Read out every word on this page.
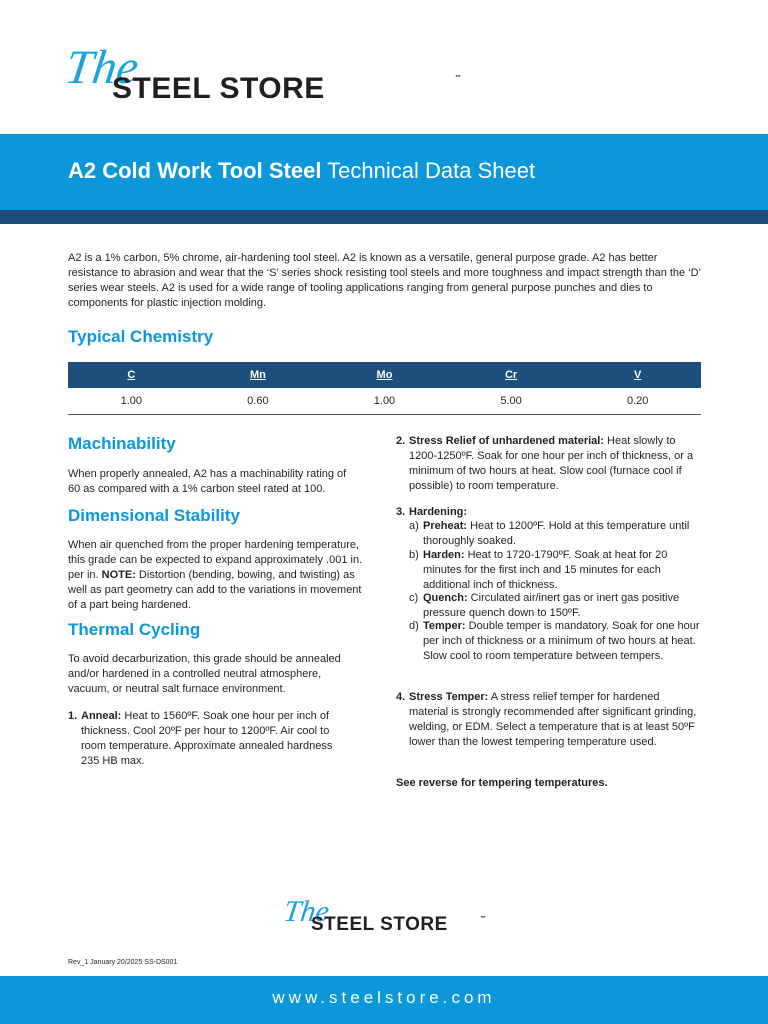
The
STEEL STORE	™
A2 Cold Work Tool Steel Technical Data Sheet

A2 is a 1% carbon, 5% chrome, air-hardening tool steel. A2 is known as a versatile, general purpose grade. A2 has better resistance to abrasion and wear that the ‘S’ series shock resisting tool steels and more toughness and impact strength than the ‘D’ series wear steels. A2 is used for a wide range of tooling applications ranging from general purpose punches and dies to components for plastic injection molding.

Typical Chemistry
C	Mn	Mo	Cr	V
1.00	0.60	1.00	5.00	0.20
Machinability

When properly annealed, A2 has a machinability rating of 60 as compared with a 1% carbon steel rated at 100.

Dimensional Stability

When air quenched from the proper hardening temperature, this grade can be expected to expand approximately .001 in. per in. NOTE: Distortion (bending, bowing, and twisting) as well as part geometry can add to the variations in movement of a part being hardened.

Thermal Cycling

To avoid decarburization, this grade should be annealed and/or hardened in a controlled neutral atmosphere, vacuum, or neutral salt furnace environment.

1. Anneal: Heat to 1560ºF. Soak one hour per inch of thickness. Cool 20ºF per hour to 1200ºF. Air cool to room temperature. Approximate annealed hardness 235 HB max.

2. Stress Relief of unhardened material: Heat slowly to 1200-1250ºF. Soak for one hour per inch of thickness, or a minimum of two hours at heat. Slow cool (furnace cool if possible) to room temperature.

3. Hardening:
a) Preheat: Heat to 1200ºF. Hold at this temperature until thoroughly soaked.

b) Harden: Heat to 1720-1790ºF. Soak at heat for 20 minutes for the first inch and 15 minutes for each additional inch of thickness.

c) Quench: Circulated air/inert gas or inert gas positive pressure quench down to 150ºF.

d) Temper: Double temper is mandatory. Soak for one hour per inch of thickness or a minimum of two hours at heat. Slow cool to room temperature between tempers.

4. Stress Temper: A stress relief temper for hardened material is strongly recommended after significant grinding, welding, or EDM. Select a temperature that is at least 50ºF lower than the lowest tempering temperature used.

See reverse for tempering temperatures.

The
STEEL STORE	™
Rev_1 January 20/2025 SS-DS001
www.steelstore.com
